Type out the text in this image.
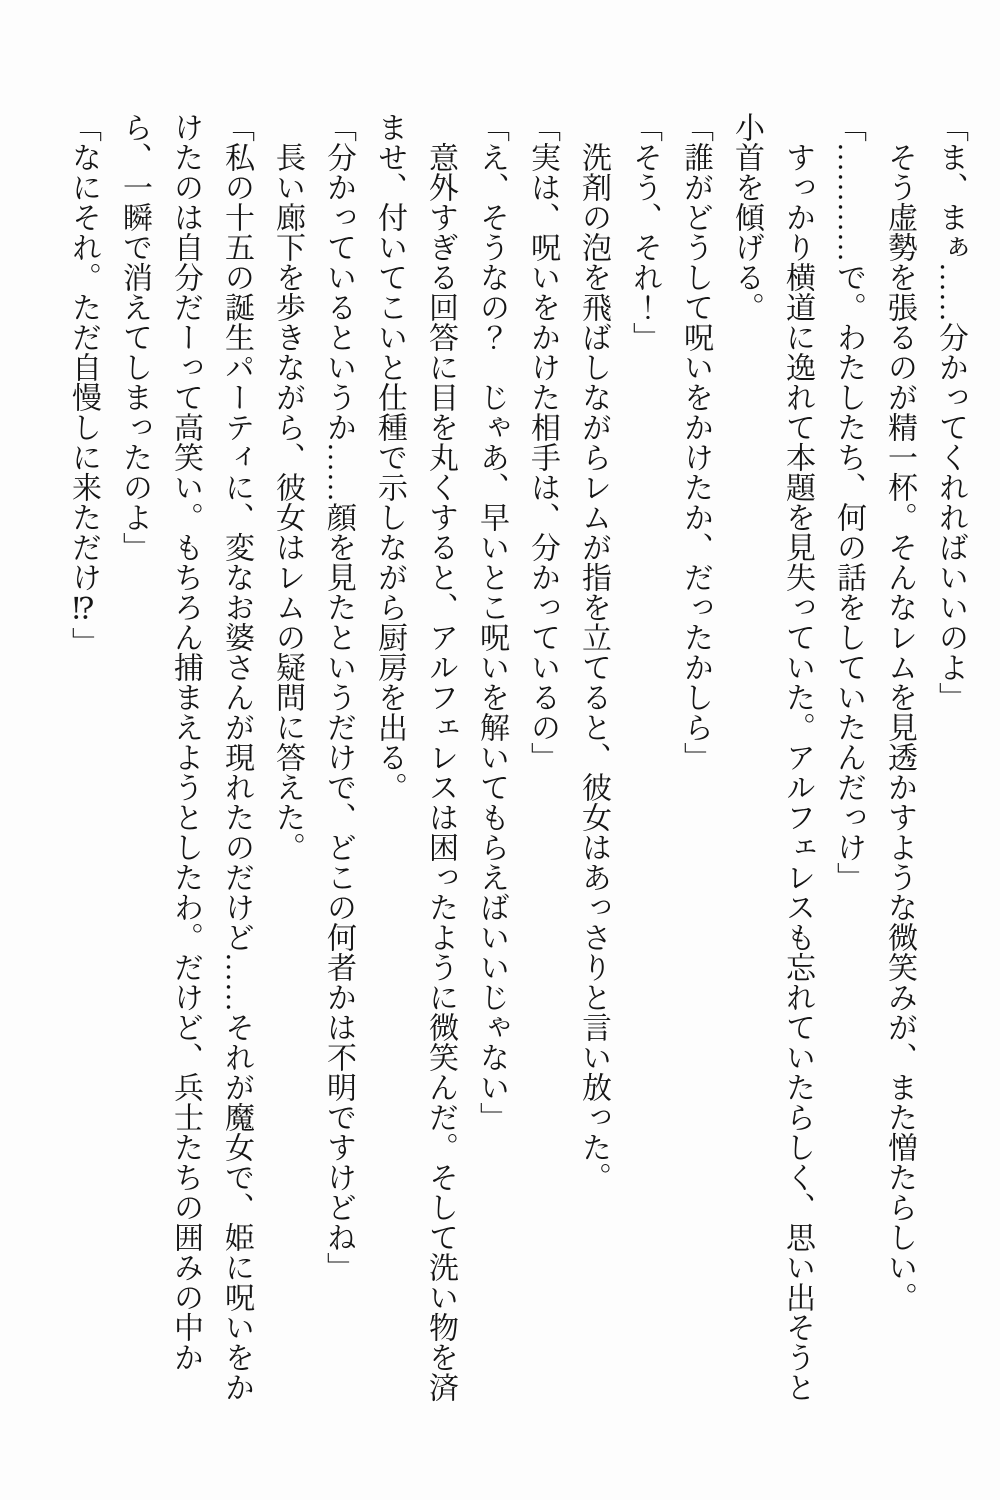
「ま、まぁ……分かってくれればいいのよ」

そう虚勢を張るのが精一杯。そんなレムを見透かすような微笑みが、また憎たらしい。

「…………で。わたしたち、何の話をしていたんだっけ」

すっかり横道に逸れて本題を見失っていた。アルフェレスも忘れていたらしく、思い出そうと小首を傾げる。

「誰がどうして呪いをかけたか、だったかしら」

「そう、それ！」

洗剤の泡を飛ばしながらレムが指を立てると、彼女はあっさりと言い放った。

「実は、呪いをかけた相手は、分かっているの」

「え、そうなの？　じゃあ、早いとこ呪いを解いてもらえばいいじゃない」

意外すぎる回答に目を丸くすると、アルフェレスは困ったように微笑んだ。そして洗い物を済ませ、付いてこいと仕種で示しながら厨房を出る。

「分かっているというか……顔を見たというだけで、どこの何者かは不明ですけどね」

長い廊下を歩きながら、彼女はレムの疑問に答えた。

「私の十五の誕生パーティに、変なお婆さんが現れたのだけど……それが魔女で、姫に呪いをかけたのは自分だーって高笑い。もちろん捕まえようとしたわ。だけど、兵士たちの囲みの中から、一瞬で消えてしまったのよ」

「なにそれ。ただ自慢しに来ただけ⁉」
